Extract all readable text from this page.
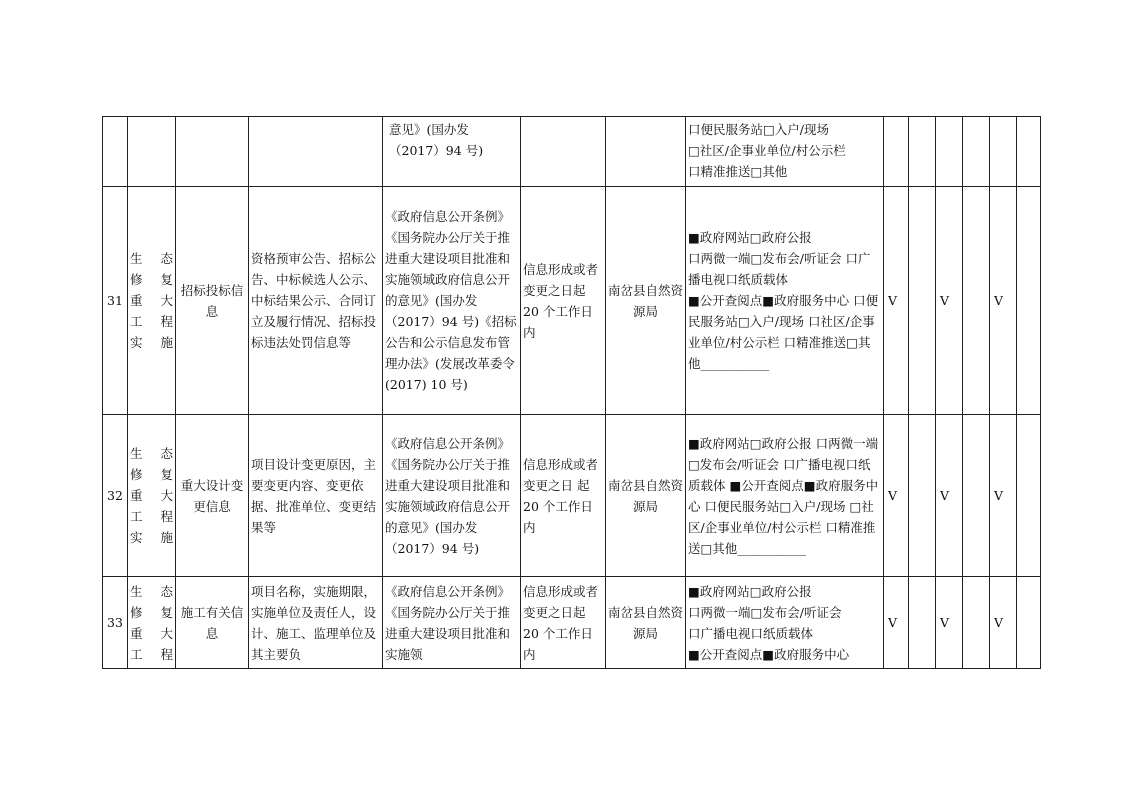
				意见》(国办发
（2017）94 号)			口便民服务站□入户/现场
□社区/企事业单位/村公示栏
口精准推送□其他						
31	生 态
修 复
重 大
工 程
实施	招标投标信息	资格预审公告、招标公告、中标候选人公示、中标结果公示、合同订立及履行情况、招标投标违法处罚信息等	《政府信息公开条例》《国务院办公厅关于推进重大建设项目批准和实施领域政府信息公开的意见》(国办发
（2017）94 号)《招标公告和公示信息发布管理办法》(发展改革委令(2017) 10 号)	信息形成或者变更之日起 20 个工作日内	南岔县自然资源局	■政府网站□政府公报
口两微一端□发布会/听证会 口广播电视口纸质载体
■公开查阅点■政府服务中心 口便民服务站□入户/现场 口社区/企事业单位/村公示栏 口精准推送□其他___________	V		V		V	
32	生 态
修 复
重 大
工 程
实施	重大设计变更信息	项目设计变更原因，主要变更内容、变更依据、批准单位、变更结果等	《政府信息公开条例》《国务院办公厅关于推进重大建设项目批准和实施领域政府信息公开的意见》(国办发
（2017）94 号)	信息形成或者变更之日 起 20 个工作日内	南岔县自然资源局	■政府网站□政府公报 口两微一端□发布会/听证会 口广播电视口纸质载体 ■公开查阅点■政府服务中心 口便民服务站□入户/现场 □社区/企事业单位/村公示栏 口精准推送□其他___________	V		V		V	
33	生 态
修 复
重 大
工程	施工有关信息	项目名称，实施期限，实施单位及责任人，设计、施工、监理单位及其主要负	《政府信息公开条例》《国务院办公厅关于推进重大建设项目批准和实施领	信息形成或者变更之日起 20 个工作日内	南岔县自然资源局	■政府网站□政府公报
口两微一端□发布会/听证会
口广播电视口纸质载体
■公开查阅点■政府服务中心	V		V		V	
